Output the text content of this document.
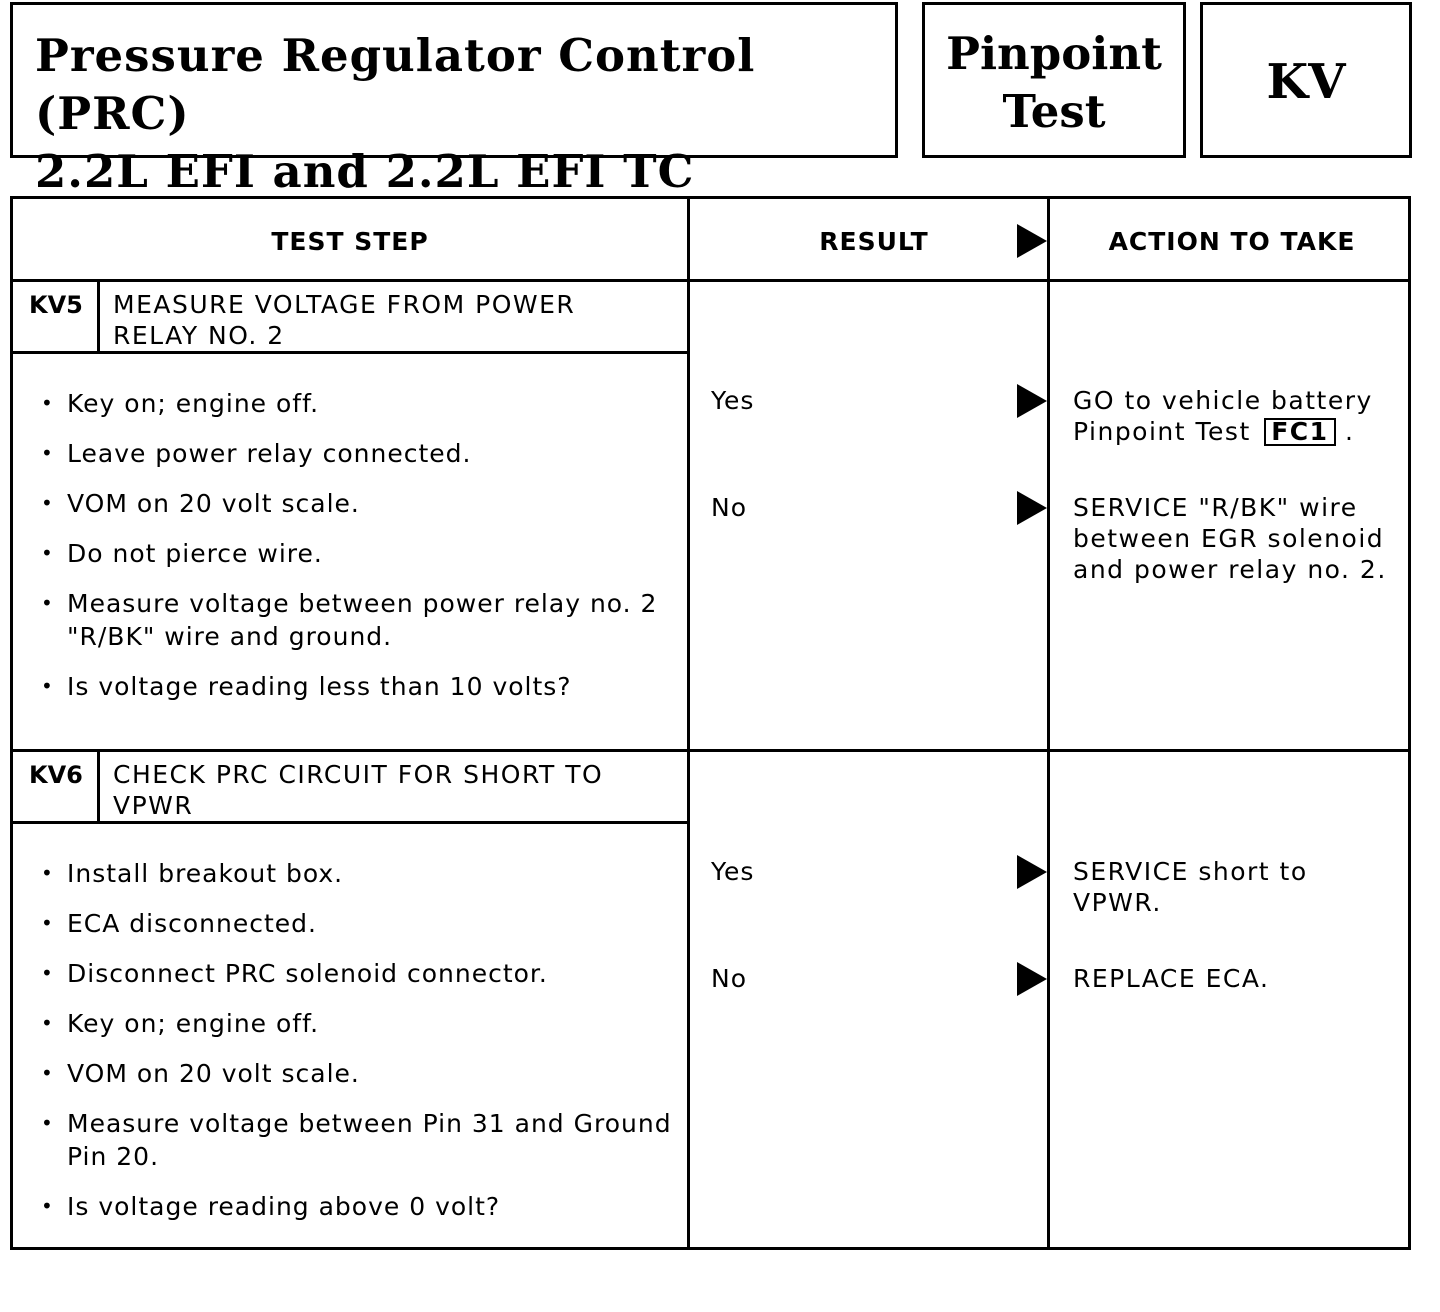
Pressure Regulator Control (PRC)
2.2L EFI and 2.2L EFI TC
Pinpoint
Test
KV
TEST STEP	RESULT	ACTION TO TAKE
KV5 MEASURE VOLTAGE FROM POWER RELAY NO. 2
• Key on; engine off.
• Leave power relay connected.
• VOM on 20 volt scale.
• Do not pierce wire.
• Measure voltage between power relay no. 2 "R/BK" wire and ground.
• Is voltage reading less than 10 volts?
Yes	GO to vehicle battery Pinpoint Test FC1 .
No	SERVICE "R/BK" wire between EGR solenoid and power relay no. 2.
KV6 CHECK PRC CIRCUIT FOR SHORT TO VPWR
• Install breakout box.
• ECA disconnected.
• Disconnect PRC solenoid connector.
• Key on; engine off.
• VOM on 20 volt scale.
• Measure voltage between Pin 31 and Ground Pin 20.
• Is voltage reading above 0 volt?
Yes	SERVICE short to VPWR.
No	REPLACE ECA.
